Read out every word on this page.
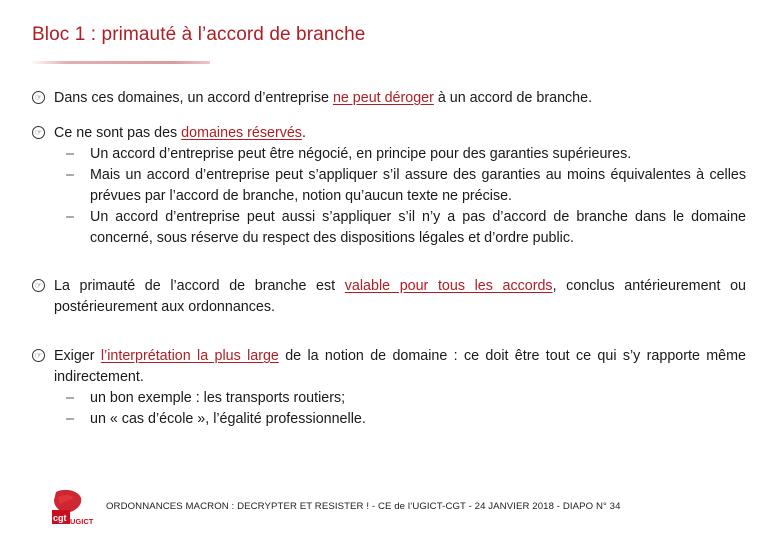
Bloc 1 : primauté à l’accord de branche
☞ Dans ces domaines, un accord d’entreprise ne peut déroger à un accord de branche.
☞ Ce ne sont pas des domaines réservés.
– Un accord d’entreprise peut être négocié, en principe pour des garanties supérieures.
– Mais un accord d’entreprise peut s’appliquer s’il assure des garanties au moins équivalentes à celles prévues par l’accord de branche, notion qu’aucun texte ne précise.
– Un accord d’entreprise peut aussi s’appliquer s’il n’y a pas d’accord de branche dans le domaine concerné, sous réserve du respect des dispositions légales et d’ordre public.
☞ La primauté de l’accord de branche est valable pour tous les accords, conclus antérieurement ou postérieurement aux ordonnances.
☞ Exiger l’interprétation la plus large de la notion de domaine : ce doit être tout ce qui s’y rapporte même indirectement.
– un bon exemple : les transports routiers;
– un « cas d’école », l’égalité professionnelle.
cgt UGICT
ORDONNANCES MACRON : DECRYPTER ET RESISTER ! - CE de l’UGICT-CGT - 24 JANVIER 2018 - DIAPO N° 34
